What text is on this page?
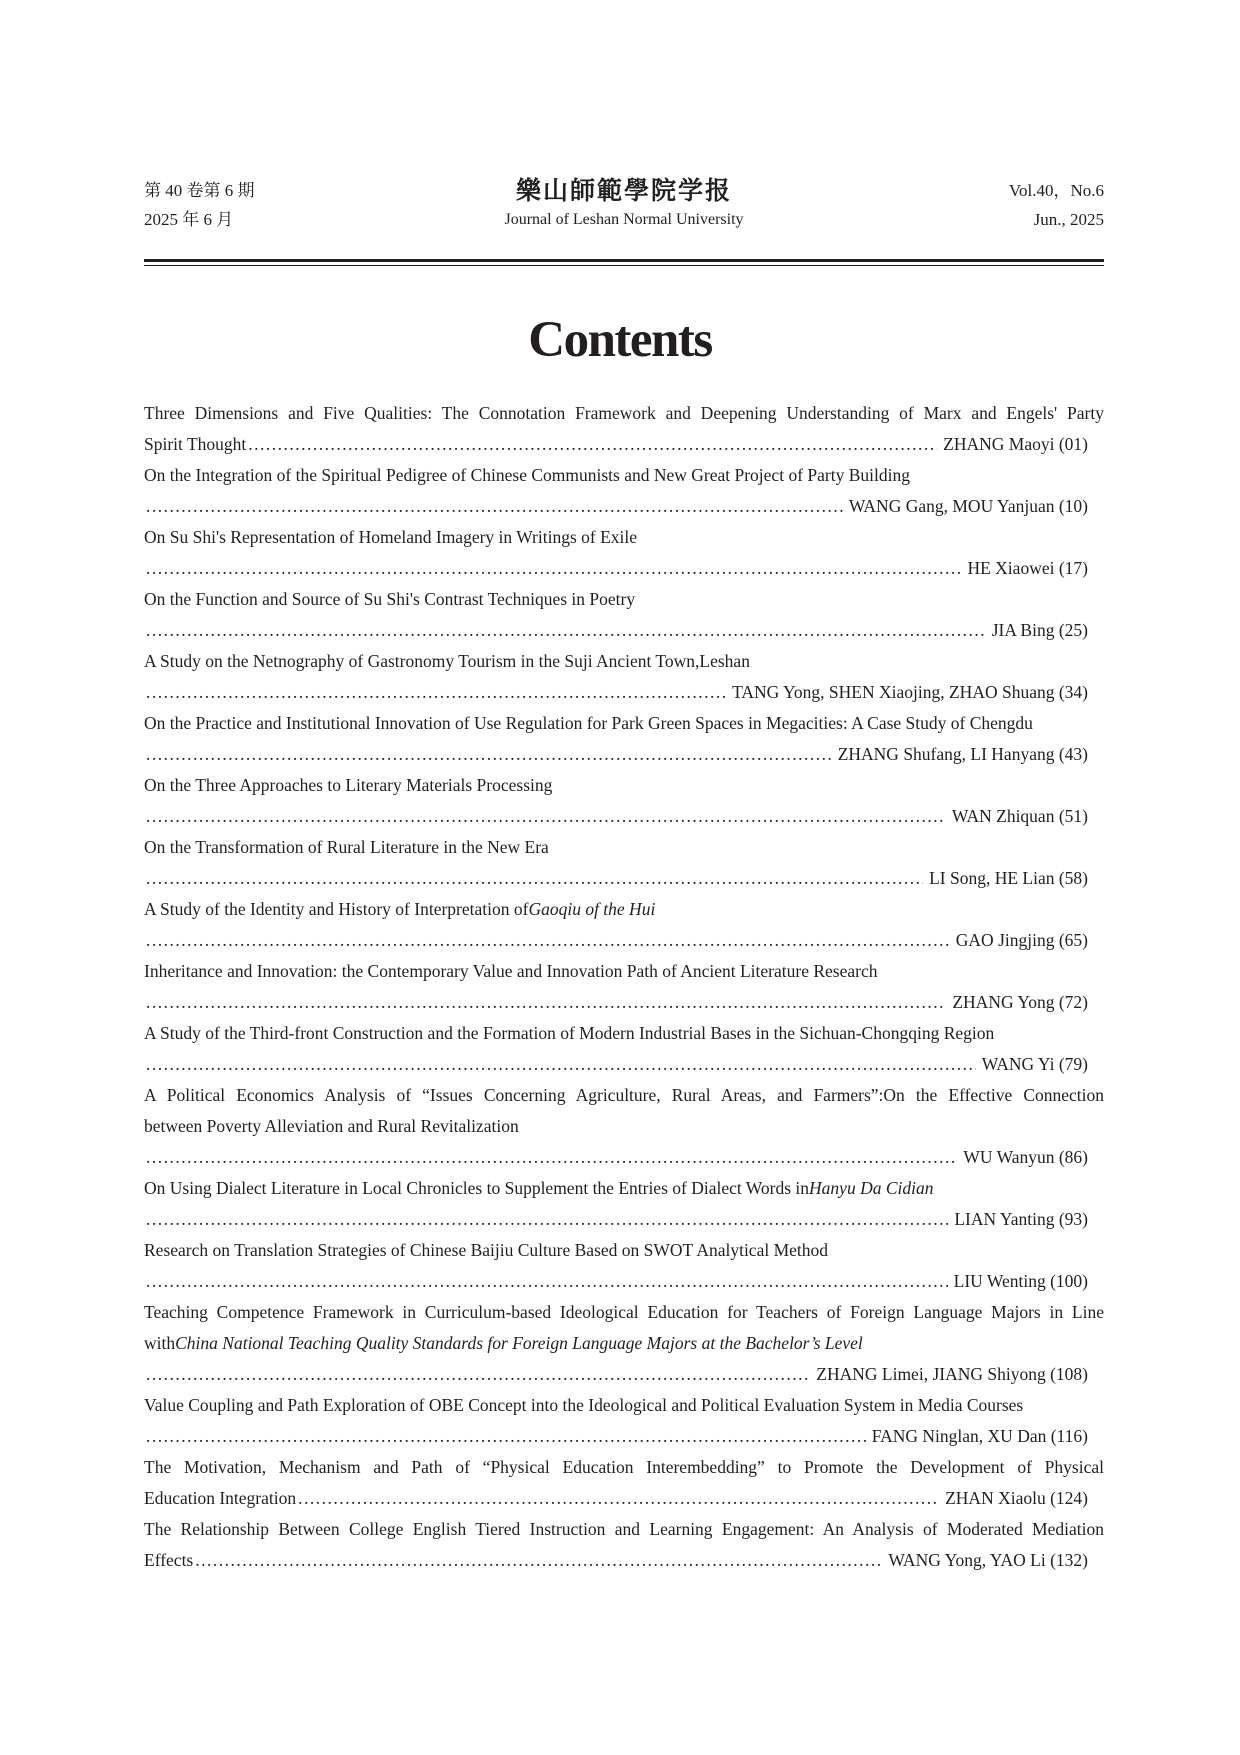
第 40 卷第 6 期
2025 年 6 月
樂山師範學院学报
Journal of Leshan Normal University
Vol.40，No.6
Jun., 2025
Contents
Three Dimensions and Five Qualities: The Connotation Framework and Deepening Understanding of Marx and Engels' Party
Spirit Thought .....	ZHANG Maoyi (01)
On the Integration of the Spiritual Pedigree of Chinese Communists and New Great Project of Party Building
.....
WANG Gang, MOU Yanjuan (10)
On Su Shi's Representation of Homeland Imagery in Writings of Exile
.....
HE Xiaowei (17)
On the Function and Source of Su Shi's Contrast Techniques in Poetry
.....
JIA Bing (25)
A Study on the Netnography of Gastronomy Tourism in the Suji Ancient Town,Leshan
.....
TANG Yong, SHEN Xiaojing, ZHAO Shuang (34)
On the Practice and Institutional Innovation of Use Regulation for Park Green Spaces in Megacities: A Case Study of Chengdu
.....
ZHANG Shufang, LI Hanyang (43)
On the Three Approaches to Literary Materials Processing
.....
WAN Zhiquan (51)
On the Transformation of Rural Literature in the New Era
.....
LI Song, HE Lian (58)
A Study of the Identity and History of Interpretation of Gaoqiu of the Hui
.....
GAO Jingjing (65)
Inheritance and Innovation: the Contemporary Value and Innovation Path of Ancient Literature Research
.....
ZHANG Yong (72)
A Study of the Third-front Construction and the Formation of Modern Industrial Bases in the Sichuan-Chongqing Region
.....
WANG Yi (79)
A Political Economics Analysis of “Issues Concerning Agriculture, Rural Areas, and Farmers”:On the Effective Connection
between Poverty Alleviation and Rural Revitalization
.....
WU Wanyun (86)
On Using Dialect Literature in Local Chronicles to Supplement the Entries of Dialect Words in Hanyu Da Cidian
.....
LIAN Yanting (93)
Research on Translation Strategies of Chinese Baijiu Culture Based on SWOT Analytical Method
.....
LIU Wenting (100)
Teaching Competence Framework in Curriculum-based Ideological Education for Teachers of Foreign Language Majors in Line
with China National Teaching Quality Standards for Foreign Language Majors at the Bachelor’s Level
.....
ZHANG Limei, JIANG Shiyong (108)
Value Coupling and Path Exploration of OBE Concept into the Ideological and Political Evaluation System in Media Courses
.....
FANG Ninglan, XU Dan (116)
The Motivation, Mechanism and Path of “Physical Education Interembedding” to Promote the Development of Physical
Education Integration .....	ZHAN Xiaolu (124)
The Relationship Between College English Tiered Instruction and Learning Engagement: An Analysis of Moderated Mediation
Effects .....	WANG Yong, YAO Li (132)
